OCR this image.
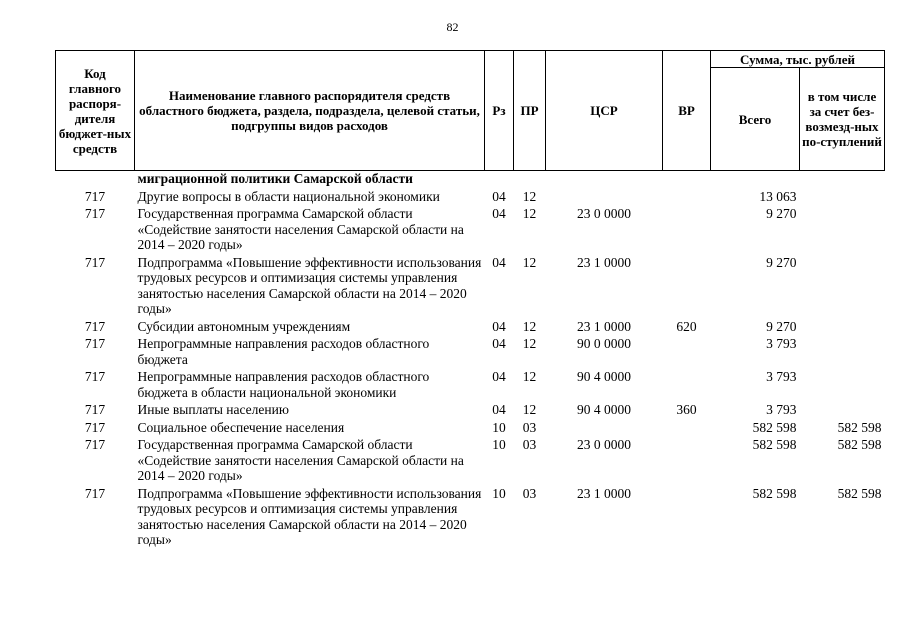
82
Код главного распоря-дителя бюджет-ных средств	Наименование главного распорядителя средств областного бюджета, раздела, подраздела, целевой статьи, подгруппы видов расходов	Рз	ПР	ЦСР	ВР	Сумма, тыс. рублей	
						Всего	в том числе за счет без-возмезд-ных по-ступлений
	миграционной политики Самарской области						
717	Другие вопросы в области национальной экономики	04	12			13 063	
717	Государственная программа Самарской области «Содействие занятости населения Самарской области на 2014 – 2020 годы»	04	12	23 0 0000		9 270	
717	Подпрограмма «Повышение эффективности использования трудовых ресурсов и оптимизация системы управления занятостью населения Самарской области на 2014 – 2020 годы»	04	12	23 1 0000		9 270	
717	Субсидии автономным учреждениям	04	12	23 1 0000	620	9 270	
717	Непрограммные направления расходов областного бюджета	04	12	90 0 0000		3 793	
717	Непрограммные направления расходов областного бюджета в области национальной экономики	04	12	90 4 0000		3 793	
717	Иные выплаты населению	04	12	90 4 0000	360	3 793	
717	Социальное обеспечение населения	10	03			582 598	582 598
717	Государственная программа Самарской области «Содействие занятости населения Самарской области на 2014 – 2020 годы»	10	03	23 0 0000		582 598	582 598
717	Подпрограмма «Повышение эффективности использования трудовых ресурсов и оптимизация системы управления занятостью населения Самарской области на 2014 – 2020 годы»	10	03	23 1 0000		582 598	582 598
